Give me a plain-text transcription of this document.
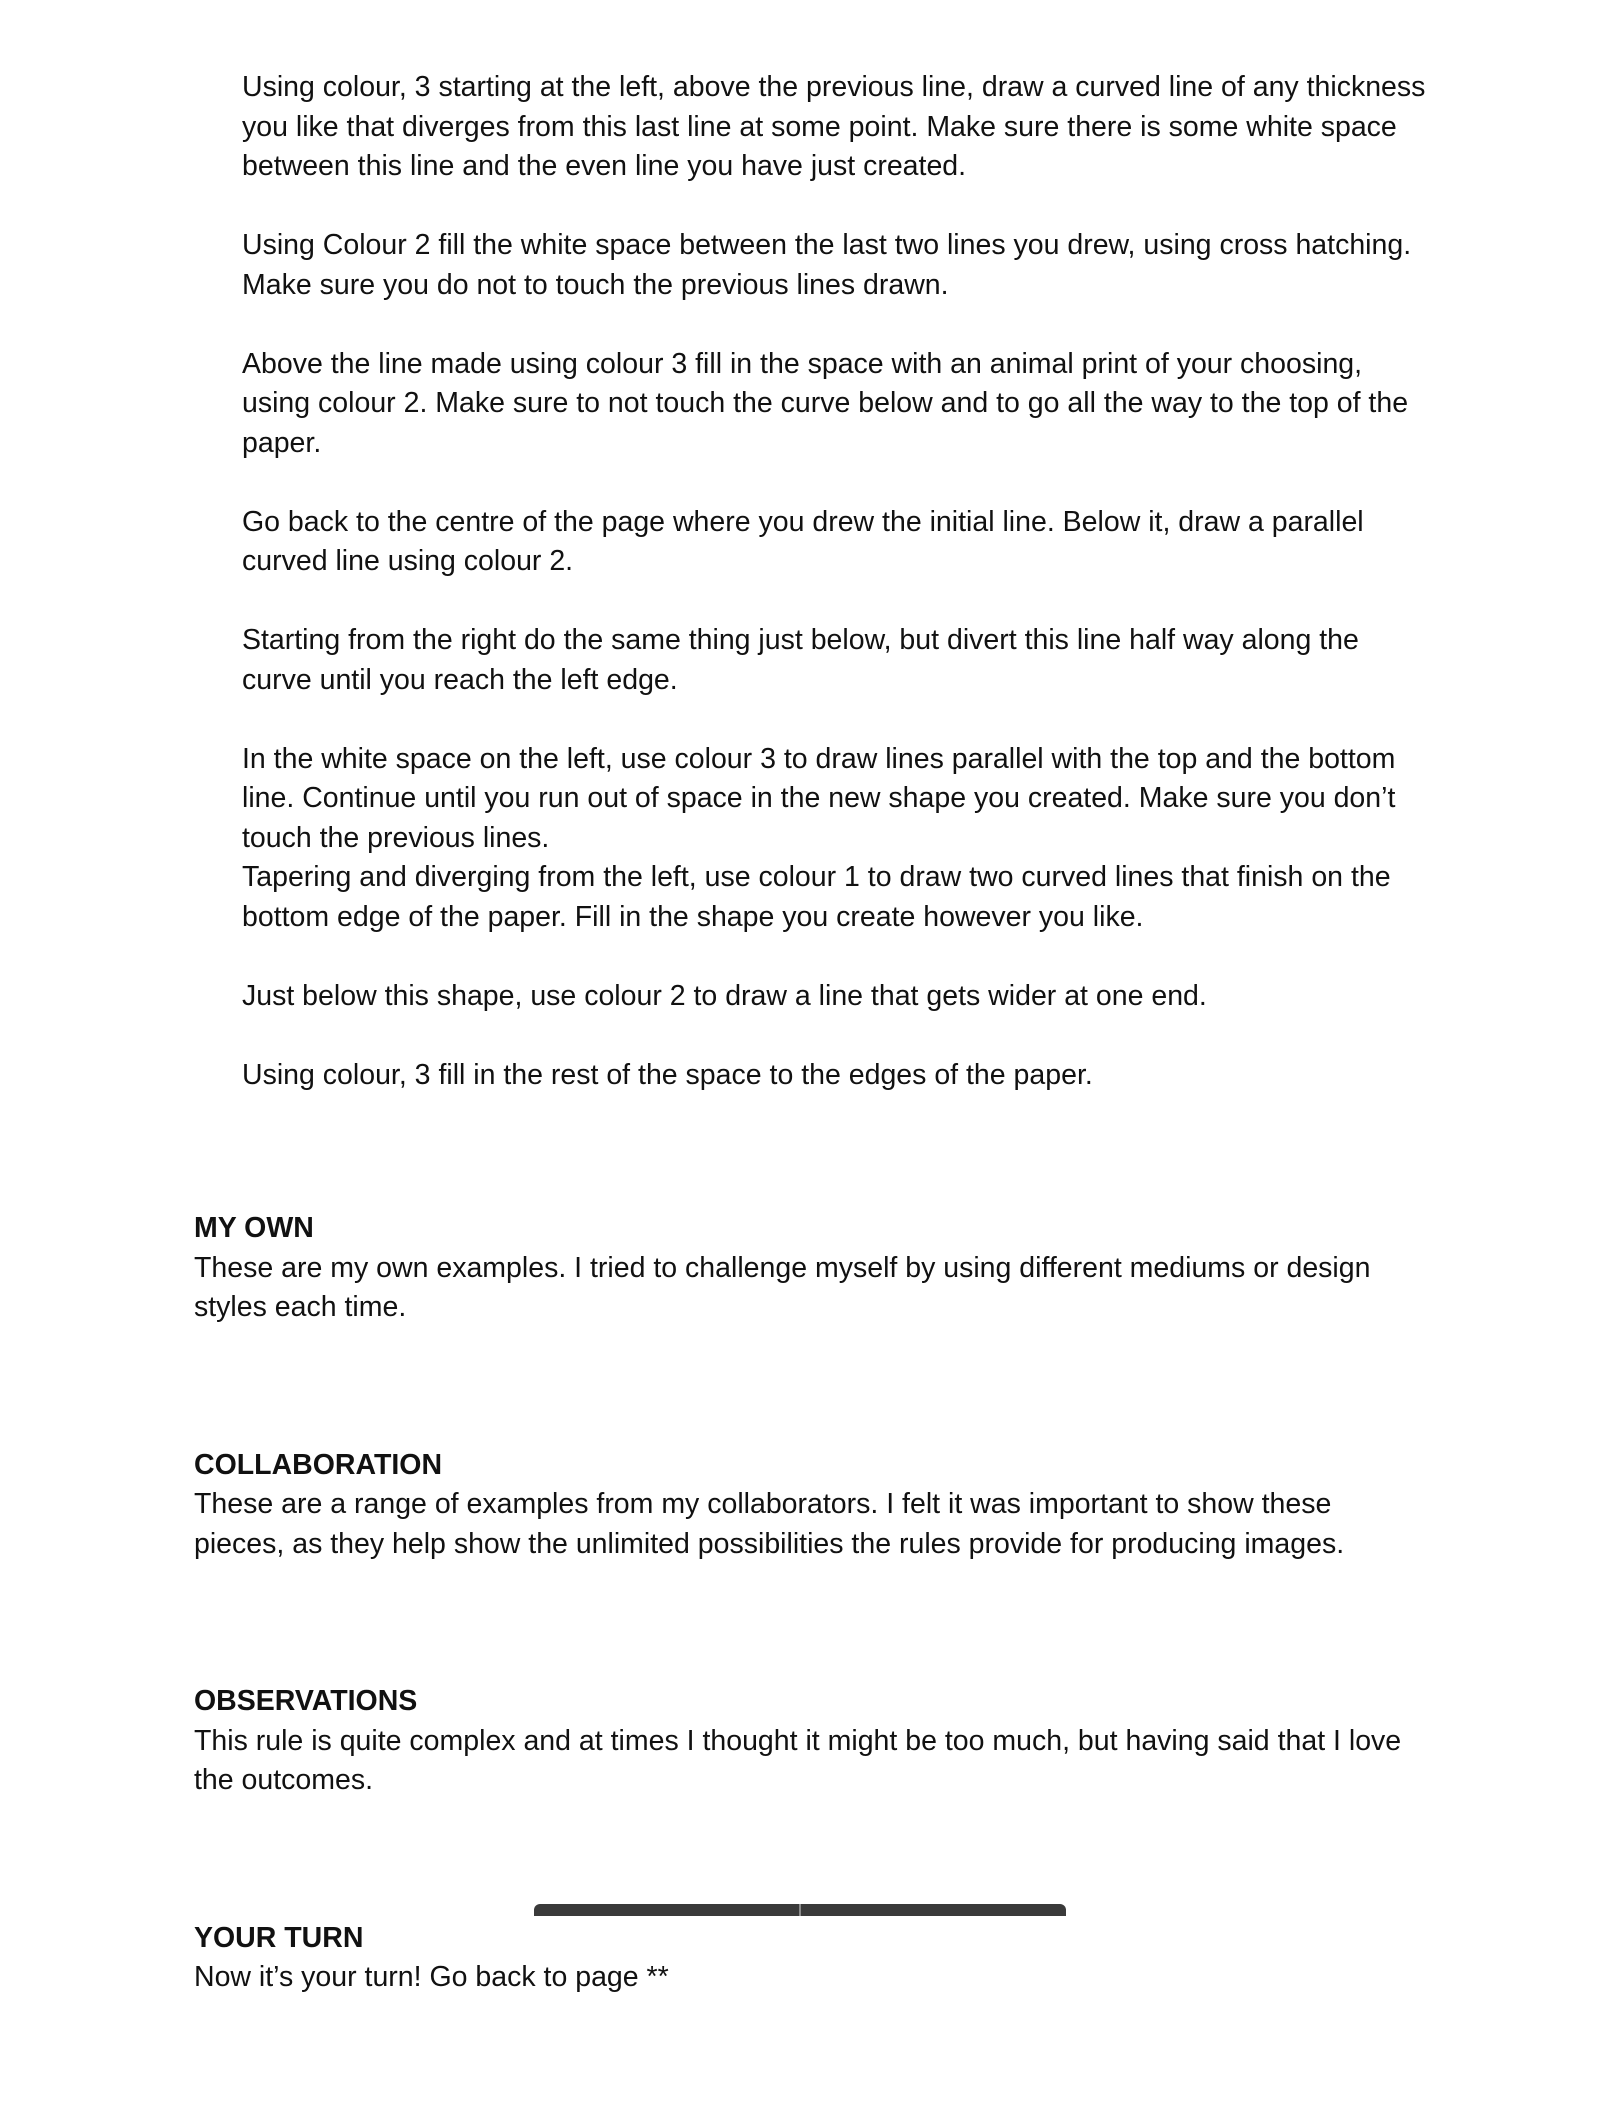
Using colour, 3 starting at the left, above the previous line, draw a curved line of any thickness you like that diverges from this last line at some point. Make sure there is some white space between this line and the even line you have just created.

Using Colour 2 fill the white space between the last two lines you drew, using cross hatching. Make sure you do not to touch the previous lines drawn.

Above the line made using colour 3 fill in the space with an animal print of your choosing, using colour 2. Make sure to not touch the curve below and to go all the way to the top of the paper.

Go back to the centre of the page where you drew the initial line. Below it, draw a parallel curved line using colour 2.

Starting from the right do the same thing just below, but divert this line half way along the curve until you reach the left edge.

In the white space on the left, use colour 3 to draw lines parallel with the top and the bottom line. Continue until you run out of space in the new shape you created. Make sure you don’t touch the previous lines.

Tapering and diverging from the left, use colour 1 to draw two curved lines that finish on the bottom edge of the paper. Fill in the shape you create however you like.

Just below this shape, use colour 2 to draw a line that gets wider at one end.

Using colour, 3 fill in the rest of the space to the edges of the paper.

MY OWN

These are my own examples. I tried to challenge myself by using different mediums or design styles each time.

COLLABORATION

These are a range of examples from my collaborators. I felt it was important to show these pieces, as they help show the unlimited possibilities the rules provide for producing images.

OBSERVATIONS

This rule is quite complex and at times I thought it might be too much, but having said that I love the outcomes.

YOUR TURN

Now it’s your turn! Go back to page **
